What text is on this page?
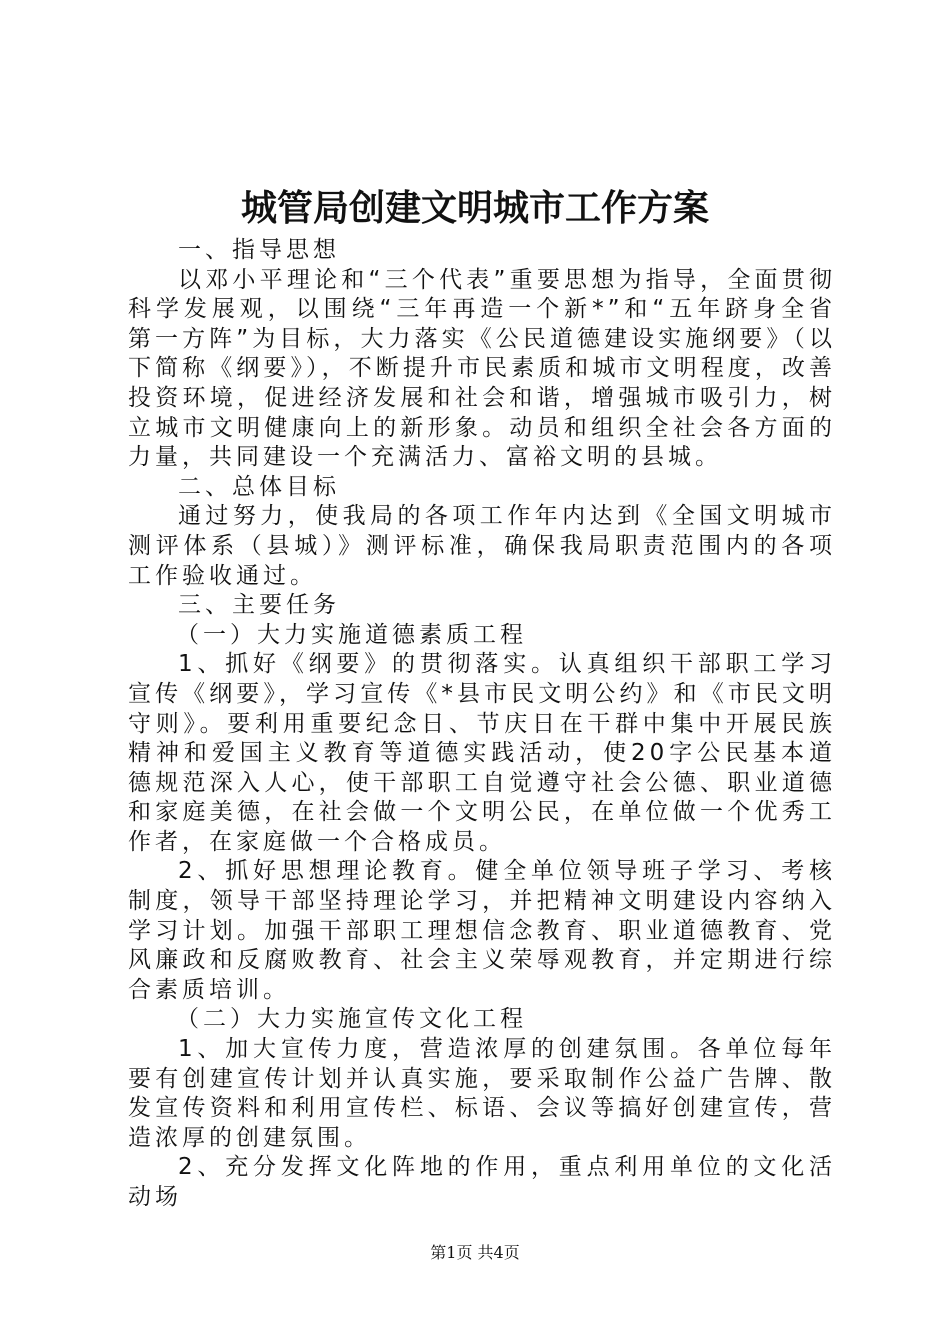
城管局创建文明城市工作方案

一、指导思想

以邓小平理论和“三个代表”重要思想为指导，全面贯彻科学发展观，以围绕“三年再造一个新*”和“五年跻身全省第一方阵”为目标，大力落实《公民道德建设实施纲要》（以下简称《纲要》），不断提升市民素质和城市文明程度，改善投资环境，促进经济发展和社会和谐，增强城市吸引力，树立城市文明健康向上的新形象。动员和组织全社会各方面的力量，共同建设一个充满活力、富裕文明的县城。

二、总体目标

通过努力，使我局的各项工作年内达到《全国文明城市测评体系（县城）》测评标准，确保我局职责范围内的各项工作验收通过。

三、主要任务

（一）大力实施道德素质工程

1、抓好《纲要》的贯彻落实。认真组织干部职工学习宣传《纲要》，学习宣传《*县市民文明公约》和《市民文明守则》。要利用重要纪念日、节庆日在干群中集中开展民族精神和爱国主义教育等道德实践活动，使20字公民基本道德规范深入人心，使干部职工自觉遵守社会公德、职业道德和家庭美德，在社会做一个文明公民，在单位做一个优秀工作者，在家庭做一个合格成员。

2、抓好思想理论教育。健全单位领导班子学习、考核制度，领导干部坚持理论学习，并把精神文明建设内容纳入学习计划。加强干部职工理想信念教育、职业道德教育、党风廉政和反腐败教育、社会主义荣辱观教育，并定期进行综合素质培训。

（二）大力实施宣传文化工程

1、加大宣传力度，营造浓厚的创建氛围。各单位每年要有创建宣传计划并认真实施，要采取制作公益广告牌、散发宣传资料和利用宣传栏、标语、会议等搞好创建宣传，营造浓厚的创建氛围。

2、充分发挥文化阵地的作用，重点利用单位的文化活动场

第1页 共4页
